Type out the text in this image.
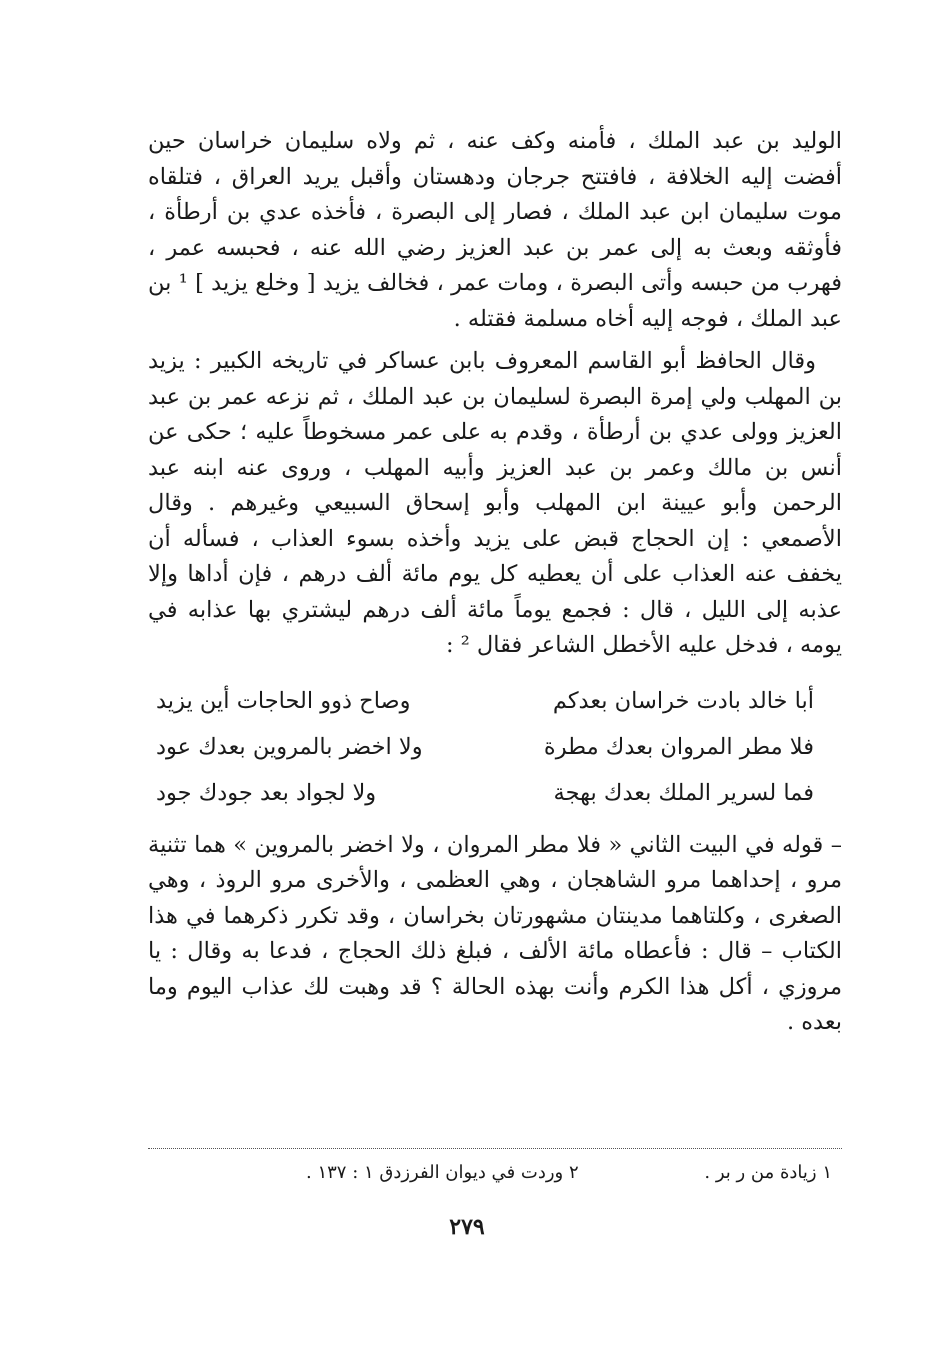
الوليد بن عبد الملك ، فأمنه وكف عنه ، ثم ولاه سليمان خراسان حين أفضت إليه الخلافة ، فافتتح جرجان ودهستان وأقبل يريد العراق ، فتلقاه موت سليمان ابن عبد الملك ، فصار إلى البصرة ، فأخذه عدي بن أرطأة ، فأوثقه وبعث به إلى عمر بن عبد العزيز رضي الله عنه ، فحبسه عمر ، فهرب من حبسه وأتى البصرة ، ومات عمر ، فخالف يزيد [ وخلع يزيد ] ¹ بن عبد الملك ، فوجه إليه أخاه مسلمة فقتله .

وقال الحافظ أبو القاسم المعروف بابن عساكر في تاريخه الكبير : يزيد بن المهلب ولي إمرة البصرة لسليمان بن عبد الملك ، ثم نزعه عمر بن عبد العزيز وولى عدي بن أرطأة ، وقدم به على عمر مسخوطاً عليه ؛ حكى عن أنس بن مالك وعمر بن عبد العزيز وأبيه المهلب ، وروى عنه ابنه عبد الرحمن وأبو عيينة ابن المهلب وأبو إسحاق السبيعي وغيرهم . وقال الأصمعي : إن الحجاج قبض على يزيد وأخذه بسوء العذاب ، فسأله أن يخفف عنه العذاب على أن يعطيه كل يوم مائة ألف درهم ، فإن أداها وإلا عذبه إلى الليل ، قال : فجمع يوماً مائة ألف درهم ليشتري بها عذابه في يومه ، فدخل عليه الأخطل الشاعر فقال ² :

أبا خالد بادت خراسان بعدكم
وصاح ذوو الحاجات أين يزيد
فلا مطر المروان بعدك مطرة
ولا اخضر بالمروين بعدك عود
فما لسرير الملك بعدك بهجة
ولا لجواد بعد جودك جود

– قوله في البيت الثاني « فلا مطر المروان ، ولا اخضر بالمروين » هما تثنية مرو ، إحداهما مرو الشاهجان ، وهي العظمى ، والأخرى مرو الروذ ، وهي الصغرى ، وكلتاهما مدينتان مشهورتان بخراسان ، وقد تكرر ذكرهما في هذا الكتاب – قال : فأعطاه مائة الألف ، فبلغ ذلك الحجاج ، فدعا به وقال : يا مروزي ، أكل هذا الكرم وأنت بهذه الحالة ؟ قد وهبت لك عذاب اليوم وما بعده .

١ زيادة من ر بر .
٢ وردت في ديوان الفرزدق ١ : ١٣٧ .
٢٧٩
